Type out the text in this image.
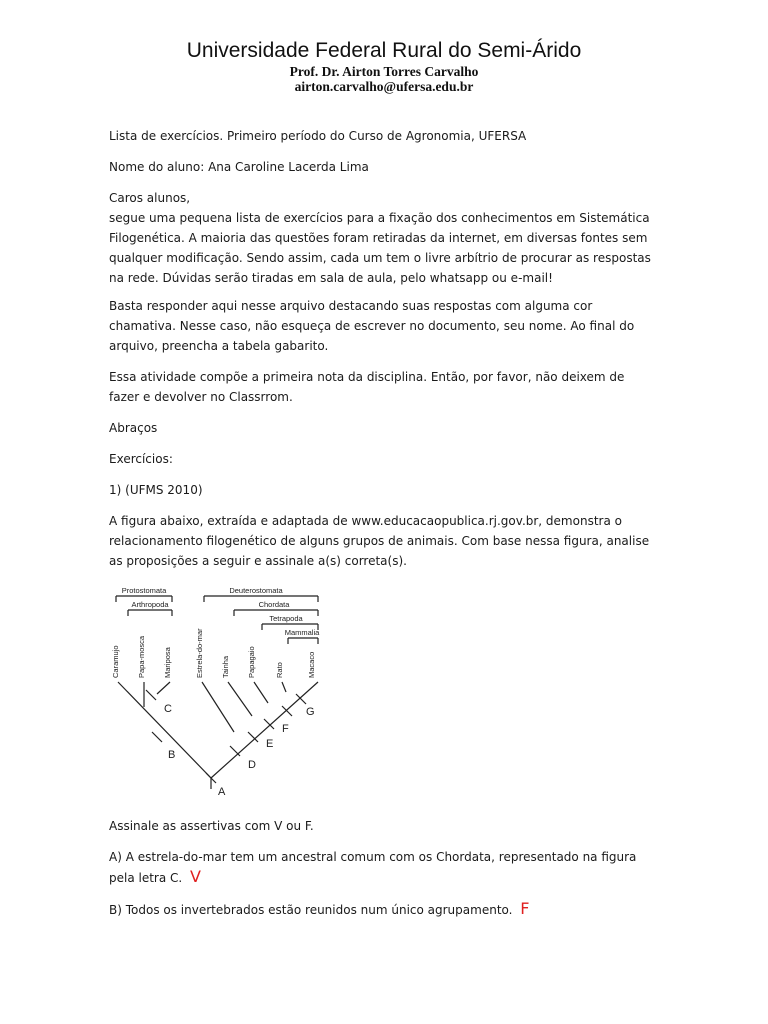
Universidade Federal Rural do Semi-Árido
Prof. Dr. Airton Torres Carvalho
airton.carvalho@ufersa.edu.br

Lista de exercícios. Primeiro período do Curso de Agronomia, UFERSA

Nome do aluno: Ana Caroline Lacerda Lima

Caros alunos,
segue uma pequena lista de exercícios para a fixação dos conhecimentos em Sistemática Filogenética. A maioria das questões foram retiradas da internet, em diversas fontes sem qualquer modificação. Sendo assim, cada um tem o livre arbítrio de procurar as respostas na rede. Dúvidas serão tiradas em sala de aula, pelo whatsapp ou e-mail!

Basta responder aqui nesse arquivo destacando suas respostas com alguma cor chamativa. Nesse caso, não esqueça de escrever no documento, seu nome. Ao final do arquivo, preencha a tabela gabarito.

Essa atividade compõe a primeira nota da disciplina. Então, por favor, não deixem de fazer e devolver no Classrrom.

Abraços

Exercícios:

1) (UFMS 2010)

A figura abaixo, extraída e adaptada de www.educacaopublica.rj.gov.br, demonstra o relacionamento filogenético de alguns grupos de animais. Com base nessa figura, analise as proposições a seguir e assinale a(s) correta(s).

Protostomata
Arthropoda
Deuterostomata
Chordata
Tetrapoda
Mammalia
Caramujo Papa-mosca Mariposa	Estrela-do-mar Tainha Papagaio	Rato	Macaco
A
B
C
D
E
F
G

Assinale as assertivas com V ou F.

A) A estrela-do-mar tem um ancestral comum com os Chordata, representado na figura pela letra C. V

B) Todos os invertebrados estão reunidos num único agrupamento. F
